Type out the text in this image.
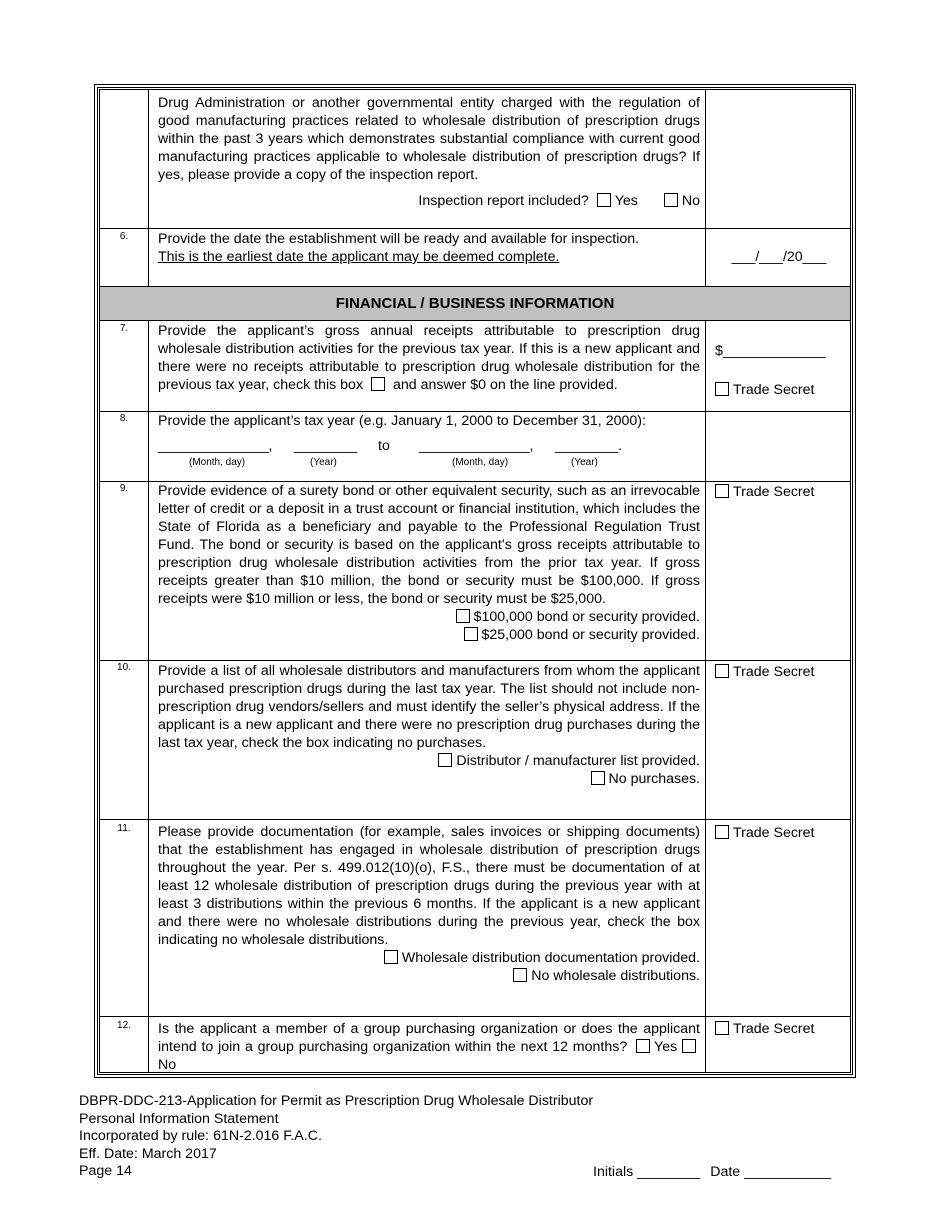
Drug Administration or another governmental entity charged with the regulation of good manufacturing practices related to wholesale distribution of prescription drugs within the past 3 years which demonstrates substantial compliance with current good manufacturing practices applicable to wholesale distribution of prescription drugs? If yes, please provide a copy of the inspection report.

Inspection report included? Yes	No

6.	Provide the date the establishment will be ready and available for inspection.

This is the earliest date the applicant may be deemed complete.	___/___/20___
FINANCIAL / BUSINESS INFORMATION
7.	Provide the applicant’s gross annual receipts attributable to prescription drug wholesale distribution activities for the previous tax year. If this is a new applicant and there were no receipts attributable to prescription drug wholesale distribution for the previous tax year, check this box and answer $0 on the line provided.
$_____________
Trade Secret
8.	Provide the applicant’s tax year (e.g. January 1, 2000 to December 31, 2000):

______________, ________ to ______________, ________.
(Month, day)	(Year)	(Month, day)	(Year)
9.	Provide evidence of a surety bond or other equivalent security, such as an irrevocable letter of credit or a deposit in a trust account or financial institution, which includes the State of Florida as a beneficiary and payable to the Professional Regulation Trust Fund. The bond or security is based on the applicant’s gross receipts attributable to prescription drug wholesale distribution activities from the prior tax year. If gross receipts greater than $10 million, the bond or security must be $100,000. If gross receipts were $10 million or less, the bond or security must be $25,000.

$100,000 bond or security provided.

$25,000 bond or security provided.

Trade Secret
10.	Provide a list of all wholesale distributors and manufacturers from whom the applicant purchased prescription drugs during the last tax year. The list should not include non-prescription drug vendors/sellers and must identify the seller’s physical address. If the applicant is a new applicant and there were no prescription drug purchases during the last tax year, check the box indicating no purchases.

Distributor / manufacturer list provided.

No purchases.

Trade Secret
11.	Please provide documentation (for example, sales invoices or shipping documents) that the establishment has engaged in wholesale distribution of prescription drugs throughout the year. Per s. 499.012(10)(o), F.S., there must be documentation of at least 12 wholesale distribution of prescription drugs during the previous year with at least 3 distributions within the previous 6 months. If the applicant is a new applicant and there were no wholesale distributions during the previous year, check the box indicating no wholesale distributions.

Wholesale distribution documentation provided.

No wholesale distributions.

Trade Secret
12.	Is the applicant a member of a group purchasing organization or does the applicant intend to join a group purchasing organization within the next 12 months? Yes No
Trade Secret
DBPR-DDC-213-Application for Permit as Prescription Drug Wholesale Distributor
Personal Information Statement
Incorporated by rule: 61N-2.016 F.A.C.
Eff. Date: March 2017
Page 14	Initials ________ Date ___________
